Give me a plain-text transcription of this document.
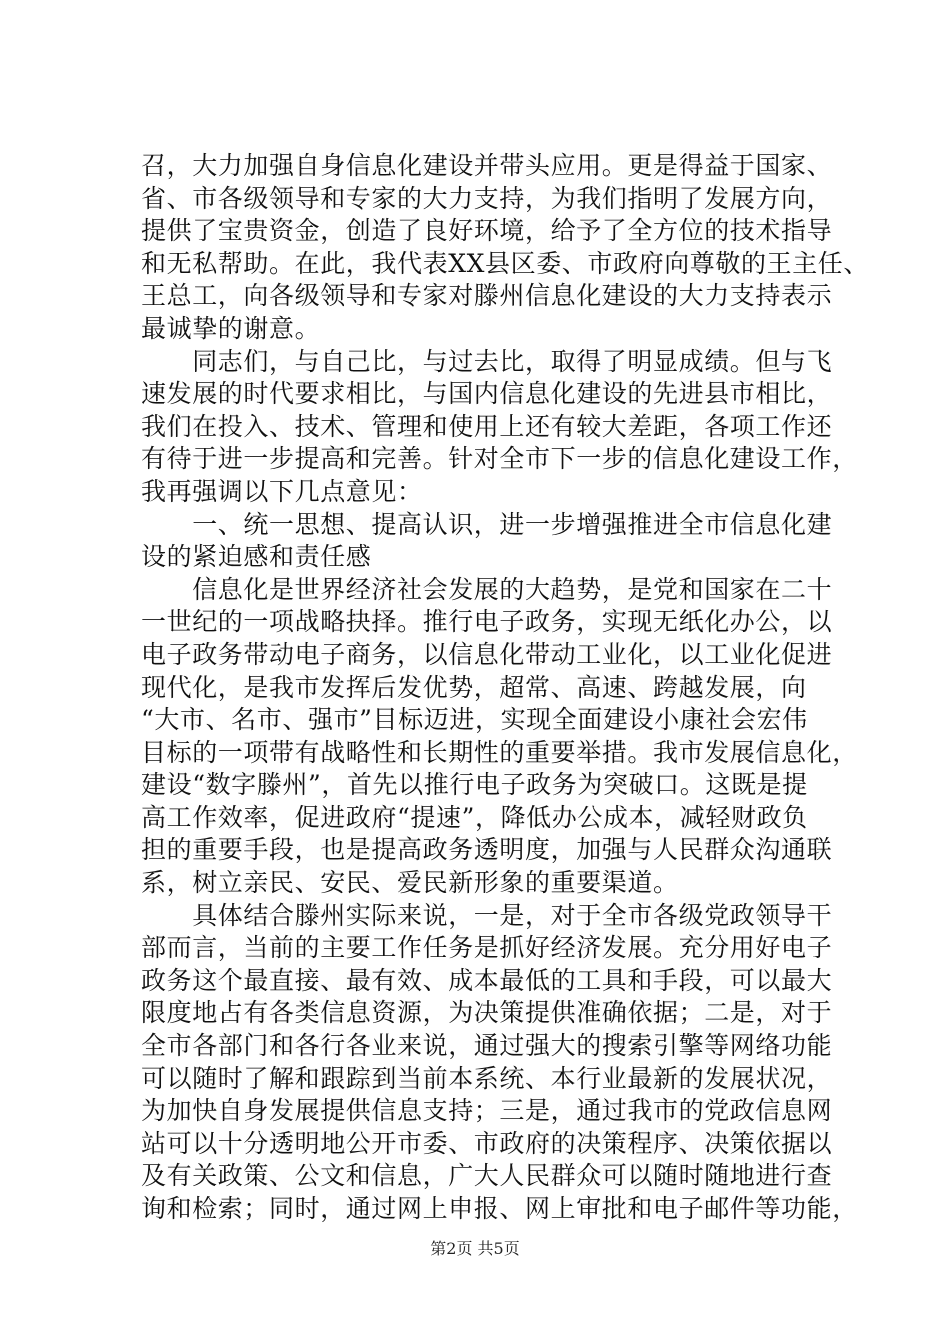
召，大力加强自身信息化建设并带头应用。更是得益于国家、
省、市各级领导和专家的大力支持，为我们指明了发展方向，
提供了宝贵资金，创造了良好环境，给予了全方位的技术指导
和无私帮助。在此，我代表XX县区委、市政府向尊敬的王主任、
王总工，向各级领导和专家对滕州信息化建设的大力支持表示
最诚挚的谢意。
　　同志们，与自己比，与过去比，取得了明显成绩。但与飞
速发展的时代要求相比，与国内信息化建设的先进县市相比，
我们在投入、技术、管理和使用上还有较大差距，各项工作还
有待于进一步提高和完善。针对全市下一步的信息化建设工作，
我再强调以下几点意见：
　　一、统一思想、提高认识，进一步增强推进全市信息化建
设的紧迫感和责任感
　　信息化是世界经济社会发展的大趋势，是党和国家在二十
一世纪的一项战略抉择。推行电子政务，实现无纸化办公，以
电子政务带动电子商务，以信息化带动工业化，以工业化促进
现代化，是我市发挥后发优势，超常、高速、跨越发展，向
“大市、名市、强市”目标迈进，实现全面建设小康社会宏伟
目标的一项带有战略性和长期性的重要举措。我市发展信息化，
建设“数字滕州”，首先以推行电子政务为突破口。这既是提
高工作效率，促进政府“提速”，降低办公成本，减轻财政负
担的重要手段，也是提高政务透明度，加强与人民群众沟通联
系，树立亲民、安民、爱民新形象的重要渠道。
　　具体结合滕州实际来说，一是，对于全市各级党政领导干
部而言，当前的主要工作任务是抓好经济发展。充分用好电子
政务这个最直接、最有效、成本最低的工具和手段，可以最大
限度地占有各类信息资源，为决策提供准确依据；二是，对于
全市各部门和各行各业来说，通过强大的搜索引擎等网络功能
可以随时了解和跟踪到当前本系统、本行业最新的发展状况，
为加快自身发展提供信息支持；三是，通过我市的党政信息网
站可以十分透明地公开市委、市政府的决策程序、决策依据以
及有关政策、公文和信息，广大人民群众可以随时随地进行查
询和检索；同时，通过网上申报、网上审批和电子邮件等功能，
第2页 共5页
